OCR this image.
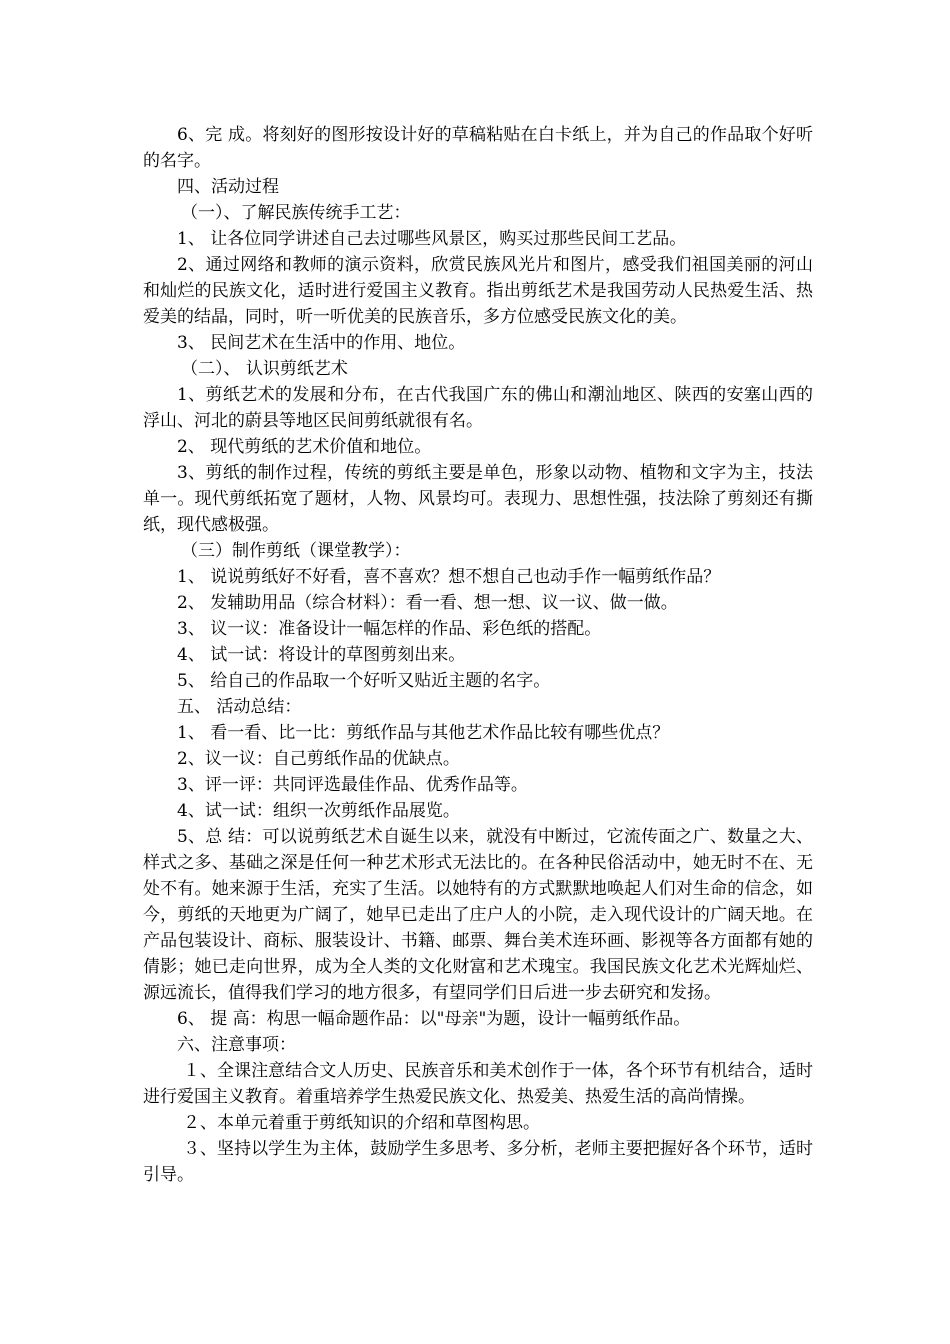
6、完 成。将刻好的图形按设计好的草稿粘贴在白卡纸上，并为自己的作品取个好听的名字。

四、活动过程

（一）、了解民族传统手工艺：

1、 让各位同学讲述自己去过哪些风景区，购买过那些民间工艺品。

2、通过网络和教师的演示资料，欣赏民族风光片和图片，感受我们祖国美丽的河山和灿烂的民族文化，适时进行爱国主义教育。指出剪纸艺术是我国劳动人民热爱生活、热爱美的结晶，同时，听一听优美的民族音乐，多方位感受民族文化的美。

3、 民间艺术在生活中的作用、地位。

（二）、 认识剪纸艺术

1、剪纸艺术的发展和分布，在古代我国广东的佛山和潮汕地区、陕西的安塞山西的浮山、河北的蔚县等地区民间剪纸就很有名。

2、 现代剪纸的艺术价值和地位。

3、剪纸的制作过程，传统的剪纸主要是单色，形象以动物、植物和文字为主，技法单一。现代剪纸拓宽了题材，人物、风景均可。表现力、思想性强，技法除了剪刻还有撕纸，现代感极强。

（三）制作剪纸（课堂教学）：

1、 说说剪纸好不好看，喜不喜欢？想不想自己也动手作一幅剪纸作品？

2、 发辅助用品（综合材料）：看一看、想一想、议一议、做一做。

3、 议一议：准备设计一幅怎样的作品、彩色纸的搭配。

4、 试一试：将设计的草图剪刻出来。

5、 给自己的作品取一个好听又贴近主题的名字。

五、 活动总结：

1、 看一看、比一比：剪纸作品与其他艺术作品比较有哪些优点？

2、议一议：自己剪纸作品的优缺点。

3、评一评：共同评选最佳作品、优秀作品等。

4、试一试：组织一次剪纸作品展览。

5、总 结：可以说剪纸艺术自诞生以来，就没有中断过，它流传面之广、数量之大、样式之多、基础之深是任何一种艺术形式无法比的。在各种民俗活动中，她无时不在、无处不有。她来源于生活，充实了生活。以她特有的方式默默地唤起人们对生命的信念，如今，剪纸的天地更为广阔了，她早已走出了庄户人的小院，走入现代设计的广阔天地。在产品包装设计、商标、服装设计、书籍、邮票、舞台美术连环画、影视等各方面都有她的倩影；她已走向世界，成为全人类的文化财富和艺术瑰宝。我国民族文化艺术光辉灿烂、源远流长，值得我们学习的地方很多，有望同学们日后进一步去研究和发扬。

6、 提 高：构思一幅命题作品：以"母亲"为题，设计一幅剪纸作品。

六、注意事项：

１、全课注意结合文人历史、民族音乐和美术创作于一体，各个环节有机结合，适时进行爱国主义教育。着重培养学生热爱民族文化、热爱美、热爱生活的高尚情操。

２、本单元着重于剪纸知识的介绍和草图构思。

３、坚持以学生为主体，鼓励学生多思考、多分析，老师主要把握好各个环节，适时引导。
